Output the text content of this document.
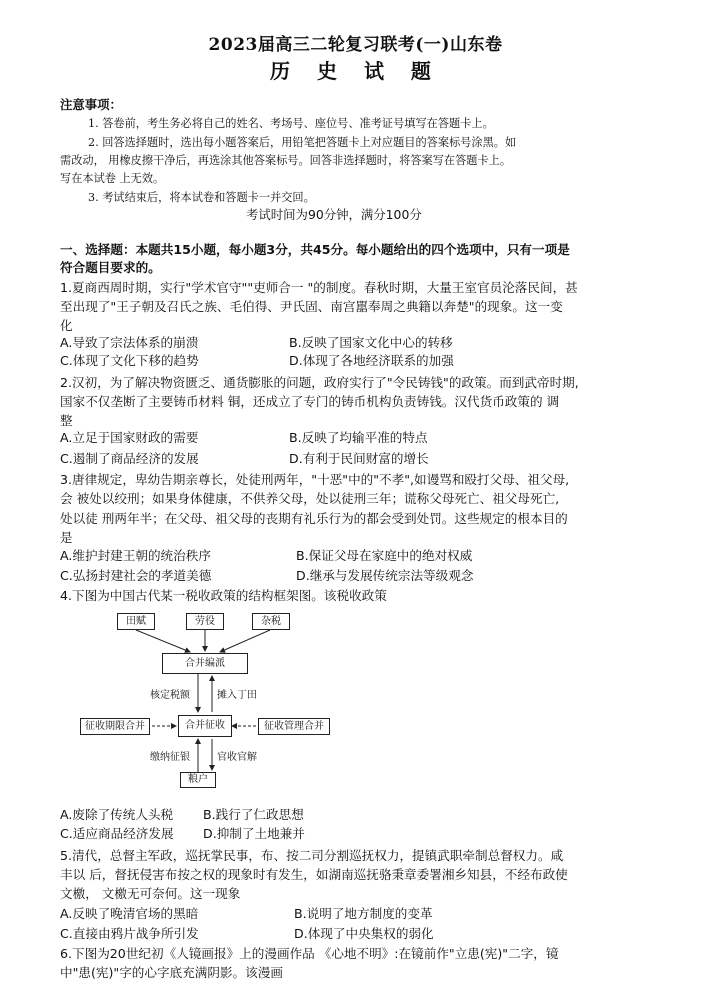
2023届高三二轮复习联考(一)山东卷
历 史 试 题
注意事项：
1. 答卷前，考生务必将自己的姓名、考场号、座位号、准考证号填写在答题卡上。
2. 回答选择题时，选出每小题答案后，用铅笔把答题卡上对应题目的答案标号涂黑。如
需改动， 用橡皮擦干净后，再选涂其他答案标号。回答非选择题时，将答案写在答题卡上。
写在本试卷 上无效。
3. 考试结束后，将本试卷和答题卡一并交回。
考试时间为90分钟，满分100分
一、选择题：本题共15小题，每小题3分，共45分。每小题给出的四个选项中，只有一项是
符合题目要求的。
1.夏商西周时期，实行"学术官守""吏师合一 "的制度。春秋时期，大量王室官员沦落民间，甚
至出现了"王子朝及召氏之族、毛伯得、尹氏固、南宫嚚奉周之典籍以奔楚"的现象。这一变
化
A.导致了宗法体系的崩溃	B.反映了国家文化中心的转移
C.体现了文化下移的趋势	D.体现了各地经济联系的加强
2.汉初，为了解决物资匮乏、通货膨胀的问题，政府实行了"令民铸钱"的政策。而到武帝时期,
国家不仅垄断了主要铸币材料 铜，还成立了专门的铸币机构负责铸钱。汉代货币政策的 调
整
A.立足于国家财政的需要	B.反映了均输平准的特点
C.遏制了商品经济的发展	D.有利于民间财富的增长
3.唐律规定，卑幼告期亲尊长，处徒刑两年，"十恶"中的"不孝",如谩骂和殴打父母、祖父母,
会 被处以绞刑；如果身体健康，不供养父母，处以徒刑三年；谎称父母死亡、祖父母死亡,
处以徒 刑两年半；在父母、祖父母的丧期有礼乐行为的都会受到处罚。这些规定的根本目的
是
A.维护封建王朝的统治秩序	B.保证父母在家庭中的绝对权威
C.弘扬封建社会的孝道美德	D.继承与发展传统宗法等级观念
4.下图为中国古代某一税收政策的结构框架图。该税收政策
田赋	劳役	杂税
合并编派
核定税额	摊入丁田
合并征收
征收期限合并	征收管理合并
缴纳征银	官收官解
粮户
A.废除了传统人头税 B.践行了仁政思想
C.适应商品经济发展 D.抑制了土地兼并
5.清代，总督主军政，巡抚掌民事，布、按二司分割巡抚权力，提镇武职牵制总督权力。咸
丰以 后，督抚侵害布按之权的现象时有发生，如湖南巡抚骆秉章委署湘乡知县，不经布政使
文檄， 文檄无可奈何。这一现象
A.反映了晚清官场的黑暗	B.说明了地方制度的变革
C.直接由鸦片战争所引发	D.体现了中央集权的弱化
6.下图为20世纪初《人镜画报》上的漫画作品 《心地不明》:在镜前作"立患(宪)"二字，镜
中"患(宪)"字的心字底充满阴影。该漫画
